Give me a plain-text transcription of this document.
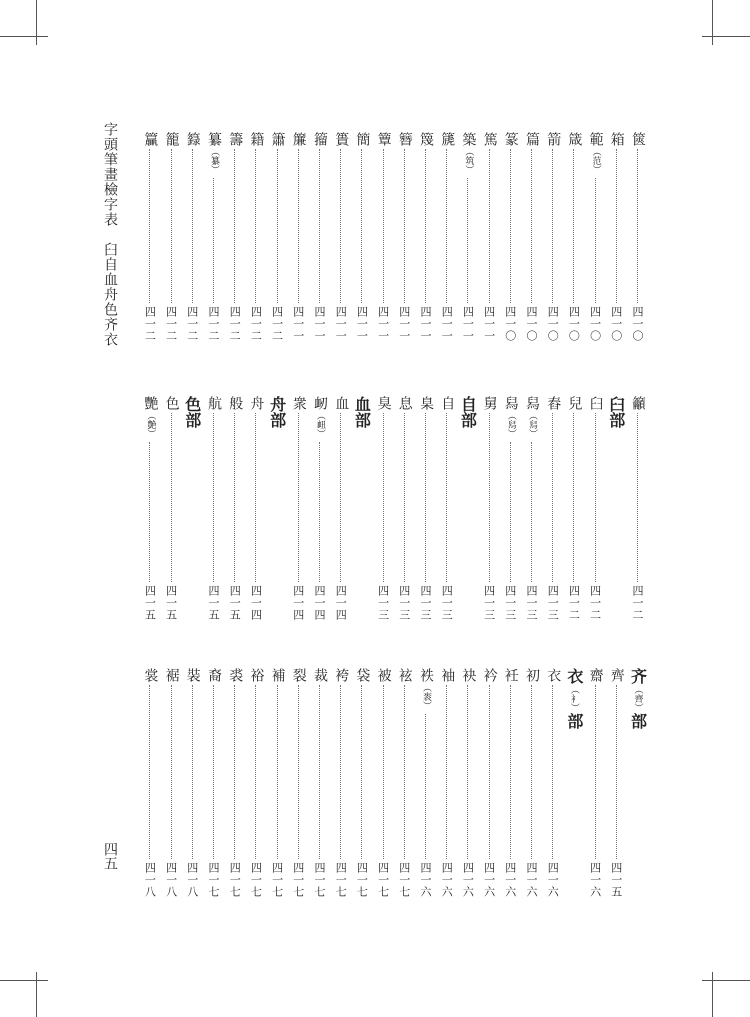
字頭筆畫檢字表　臼自血舟色齐衣
四五
篋
四一〇
箱
四一〇
範
（范）
四一〇
箴
四一〇
箭
四一〇
篇
四一〇
篆
四一〇
篤
四一一
築
（筑）
四一一
篪
四一一
篾
四一一
簪
四一一
簟
四一一
簡
四一一
簣
四一一
籀
四一一
簾
四一一
簫
四一二
籍
四一二
籌
四一二
纂
（纂）
四一二
籙
四一二
籠
四一二
籯
四一二
籲
四一二
臼部
臼
四一二
兒
四一二
舂
四一三
舄
（舄）
四一三
舄
（舄）
四一三
舅
四一三
自部
自
四一三
臬
四一三
息
四一三
臭
四一三
血部
血
四一四
衂
（衄）
四一四
衆
四一四
舟部
舟
四一四
般
四一五
航
四一五
色部
色
四一五
艷
（艶）
四一五
齐（齊）部
齊
四一五
齋
四一六
衣（衤）部
衣
四一六
初
四一六
衽
四一六
衿
四一六
袂
四一六
袖
四一六
袟
（袠）
四一六
袨
四一七
被
四一七
袋
四一七
袴
四一七
裁
四一七
裂
四一七
補
四一七
裕
四一七
裘
四一七
裔
四一七
裝
四一八
裾
四一八
裳
四一八
